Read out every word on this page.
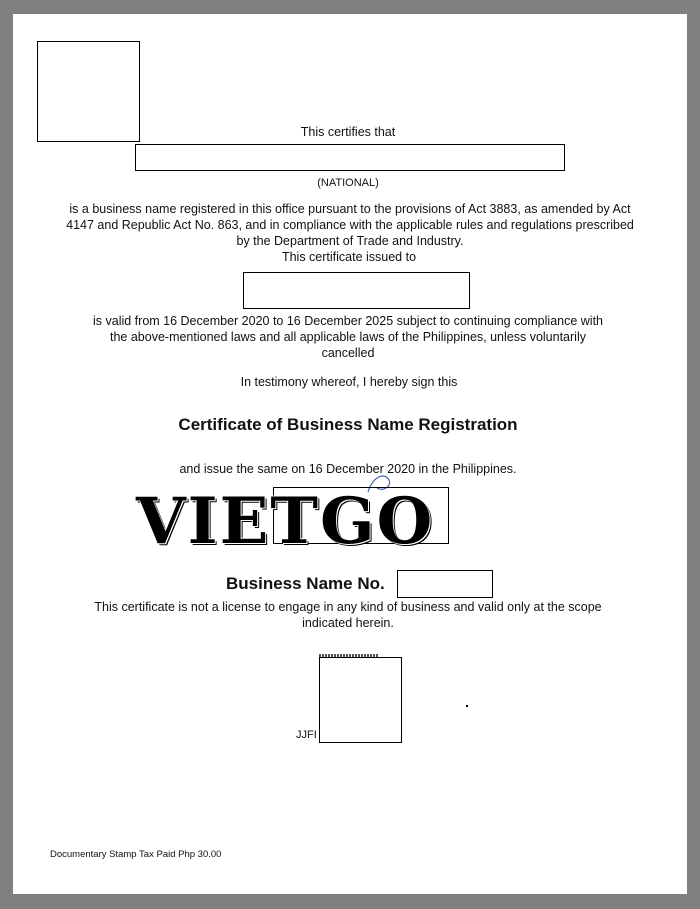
This certifies that
(NATIONAL)
is a business name registered in this office pursuant to the provisions of Act 3883, as amended by Act 4147 and Republic Act No. 863, and in compliance with the applicable rules and regulations prescribed by the Department of Trade and Industry.
This certificate issued to
is valid from 16 December 2020 to 16 December 2025 subject to continuing compliance with the above-mentioned laws and all applicable laws of the Philippines, unless voluntarily cancelled
In testimony whereof, I hereby sign this
Certificate of Business Name Registration
and issue the same on 16 December 2020 in the Philippines.
VIETGO
Business Name No.
This certificate is not a license to engage in any kind of business and valid only at the scope indicated herein.
JJFI
Documentary Stamp Tax Paid Php 30.00
